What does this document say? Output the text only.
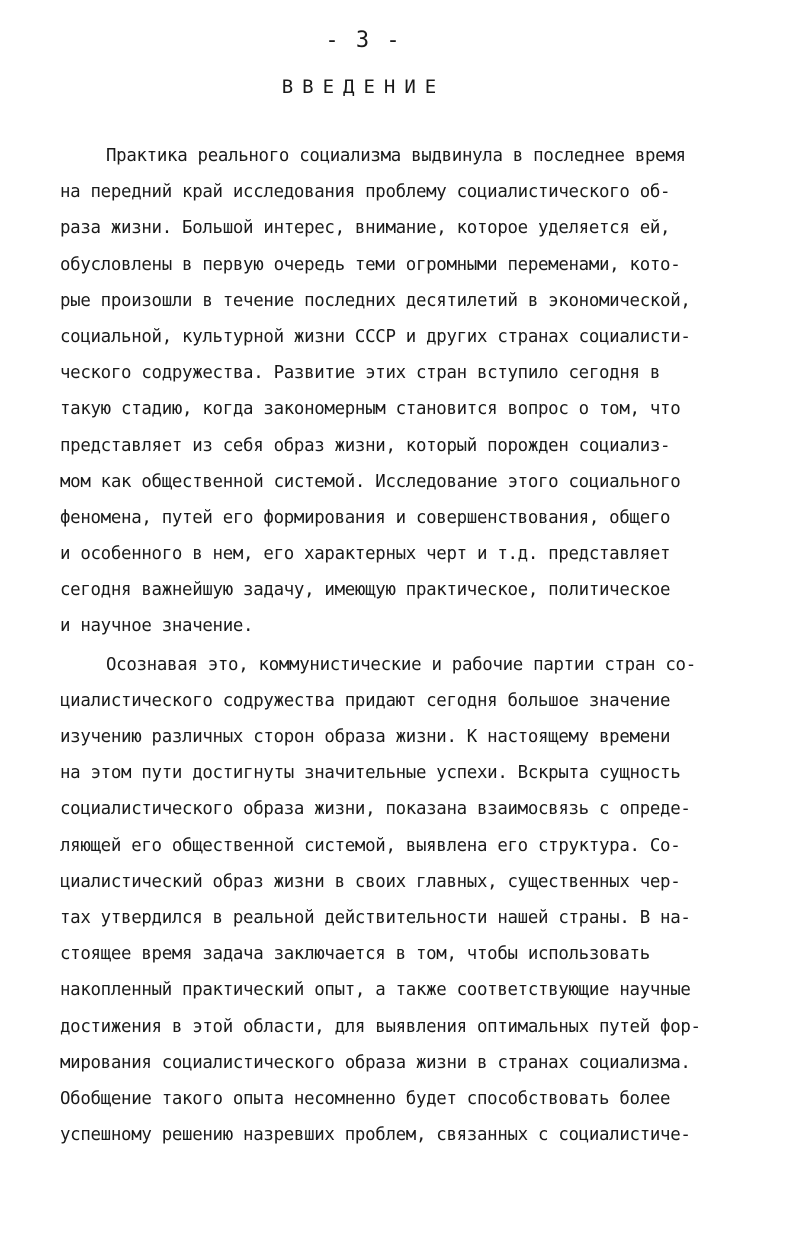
- 3 -
ВВЕДЕНИЕ
Практика реального социализма выдвинула в последнее время
на передний край исследования проблему социалистического об-
раза жизни. Большой интерес, внимание, которое уделяется ей,
обусловлены в первую очередь теми огромными переменами, кото-
рые произошли в течение последних десятилетий в экономической,
социальной, культурной жизни СССР и других странах социалисти-
ческого содружества. Развитие этих стран вступило сегодня в
такую стадию, когда закономерным становится вопрос о том, что
представляет из себя образ жизни, который порожден социализ-
мом как общественной системой. Исследование этого социального
феномена, путей его формирования и совершенствования, общего
и особенного в нем, его характерных черт и т.д. представляет
сегодня важнейшую задачу, имеющую практическое, политическое
и научное значение.
Осознавая это, коммунистические и рабочие партии стран со-
циалистического содружества придают сегодня большое значение
изучению различных сторон образа жизни. К настоящему времени
на этом пути достигнуты значительные успехи. Вскрыта сущность
социалистического образа жизни, показана взаимосвязь с опреде-
ляющей его общественной системой, выявлена его структура. Со-
циалистический образ жизни в своих главных, существенных чер-
тах утвердился в реальной действительности нашей страны. В на-
стоящее время задача заключается в том, чтобы использовать
накопленный практический опыт, а также соответствующие научные
достижения в этой области, для выявления оптимальных путей фор-
мирования социалистического образа жизни в странах социализма.
Обобщение такого опыта несомненно будет способствовать более
успешному решению назревших проблем, связанных с социалистиче-
